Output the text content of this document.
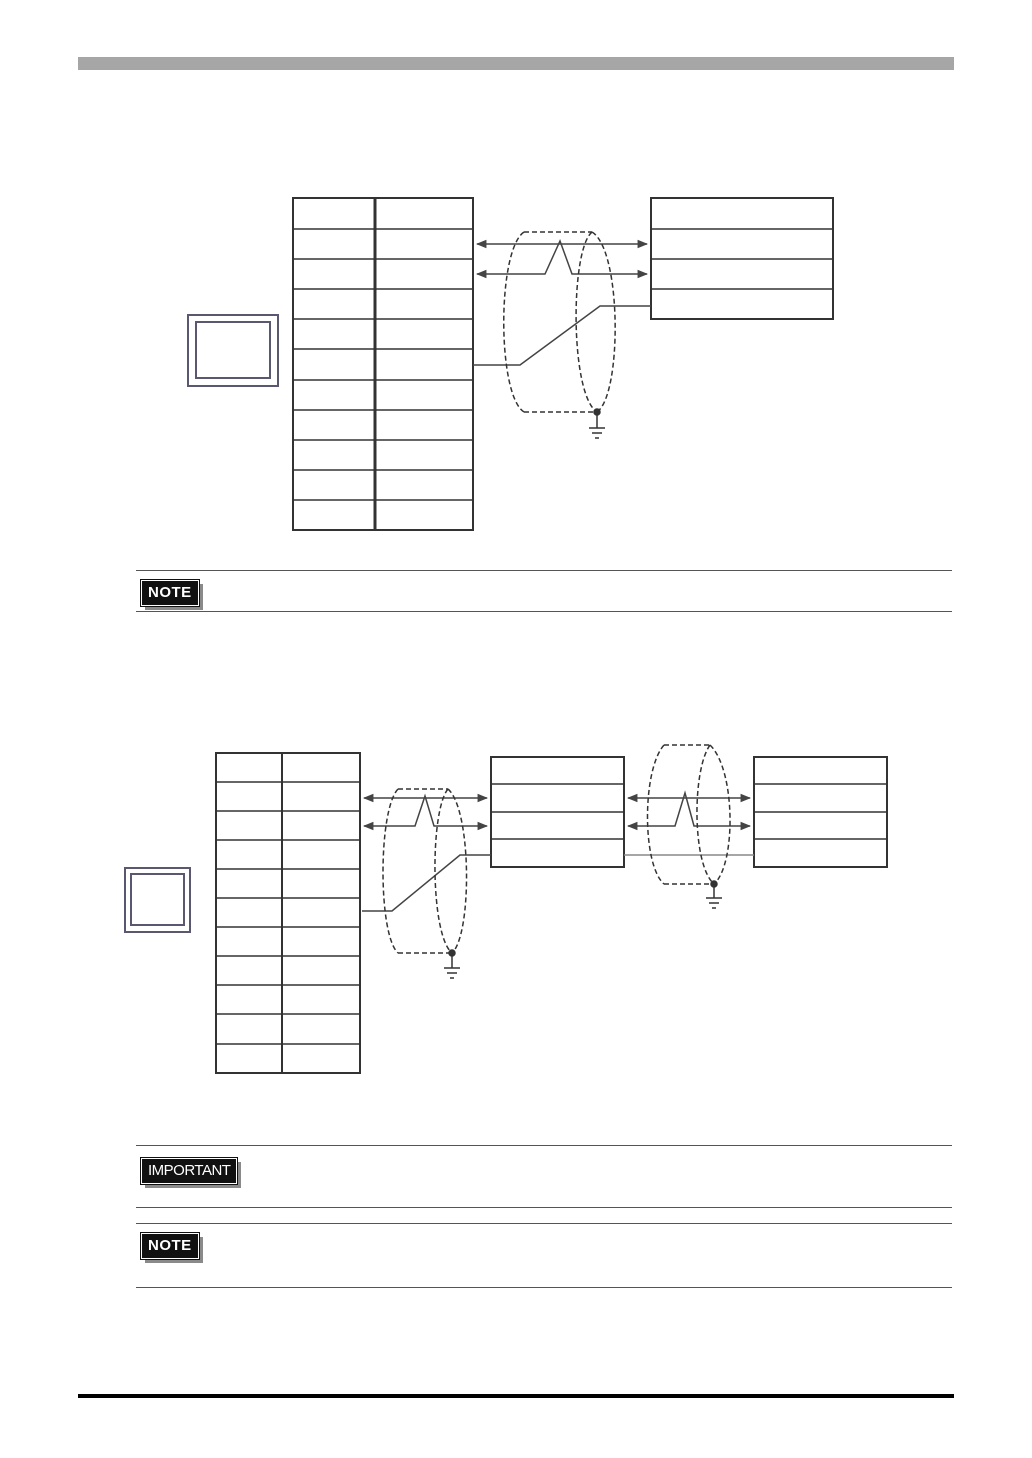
NOTE
IMPORTANT
NOTE
